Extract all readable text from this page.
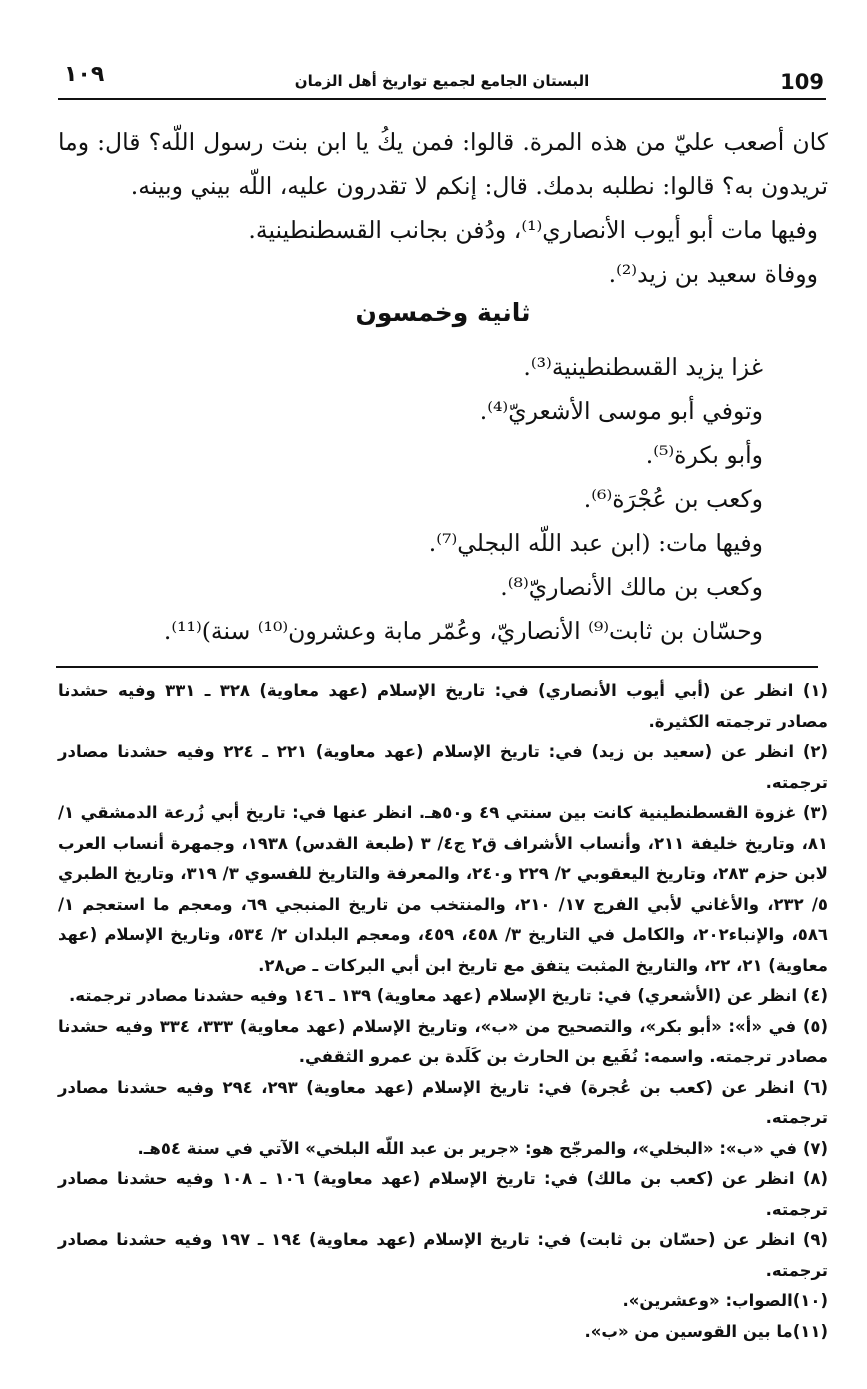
١٠٩	البستان الجامع لجميع تواريخ أهل الزمان	109

كان أصعب عليّ من هذه المرة. قالوا: فمن يكُ يا ابن بنت رسول اللّه؟ قال: وما تريدون به؟ قالوا: نطلبه بدمك. قال: إنكم لا تقدرون عليه، اللّه بيني وبينه.

وفيها مات أبو أيوب الأنصاري⁽¹⁾، ودُفن بجانب القسطنطينية.

ووفاة سعيد بن زيد⁽²⁾.

ثانية وخمسون

غزا يزيد القسطنطينية⁽³⁾.

وتوفي أبو موسى الأشعريّ⁽⁴⁾.

وأبو بكرة⁽⁵⁾.

وكعب بن عُجْرَة⁽⁶⁾.

وفيها مات: (ابن عبد اللّه البجلي⁽⁷⁾.

وكعب بن مالك الأنصاريّ⁽⁸⁾.

وحسّان بن ثابت⁽⁹⁾ الأنصاريّ، وعُمّر مابة وعشرون⁽¹⁰⁾ سنة)⁽¹¹⁾.

(١) انظر عن (أبي أيوب الأنصاري) في: تاريخ الإسلام (عهد معاوية) ٣٢٨ ـ ٣٣١ وفيه حشدنا مصادر ترجمته الكثيرة.

(٢) انظر عن (سعيد بن زيد) في: تاريخ الإسلام (عهد معاوية) ٢٢١ ـ ٢٢٤ وفيه حشدنا مصادر ترجمته.

(٣) غزوة القسطنطينية كانت بين سنتي ٤٩ و٥٠هـ. انظر عنها في: تاريخ أبي زُرعة الدمشقي ١/ ٨١، وتاريخ خليفة ٢١١، وأنساب الأشراف ق٢ ج٤/ ٣ (طبعة القدس) ١٩٣٨، وجمهرة أنساب العرب لابن حزم ٢٨٣، وتاريخ اليعقوبي ٢/ ٢٢٩ و٢٤٠، والمعرفة والتاريخ للفسوي ٣/ ٣١٩، وتاريخ الطبري ٥/ ٢٣٢، والأغاني لأبي الفرج ١٧/ ٢١٠، والمنتخب من تاريخ المنبجي ٦٩، ومعجم ما استعجم ١/ ٥٨٦، والإنباء٢٠٢، والكامل في التاريخ ٣/ ٤٥٨، ٤٥٩، ومعجم البلدان ٢/ ٥٣٤، وتاريخ الإسلام (عهد معاوية) ٢١، ٢٢، والتاريخ المثبت يتفق مع تاريخ ابن أبي البركات ـ ص٢٨.

(٤) انظر عن (الأشعري) في: تاريخ الإسلام (عهد معاوية) ١٣٩ ـ ١٤٦ وفيه حشدنا مصادر ترجمته.

(٥) في «أ»: «أبو بكر»، والتصحيح من «ب»، وتاريخ الإسلام (عهد معاوية) ٣٣٣، ٣٣٤ وفيه حشدنا مصادر ترجمته. واسمه: نُفَيع بن الحارث بن كَلَدة بن عمرو الثقفي.

(٦) انظر عن (كعب بن عُجرة) في: تاريخ الإسلام (عهد معاوية) ٢٩٣، ٢٩٤ وفيه حشدنا مصادر ترجمته.

(٧) في «ب»: «البخلي»، والمرجّح هو: «جرير بن عبد اللّه البلخي» الآتي في سنة ٥٤هـ.

(٨) انظر عن (كعب بن مالك) في: تاريخ الإسلام (عهد معاوية) ١٠٦ ـ ١٠٨ وفيه حشدنا مصادر ترجمته.

(٩) انظر عن (حسّان بن ثابت) في: تاريخ الإسلام (عهد معاوية) ١٩٤ ـ ١٩٧ وفيه حشدنا مصادر ترجمته.

(١٠)الصواب: «وعشرين».

(١١)ما بين القوسين من «ب».
